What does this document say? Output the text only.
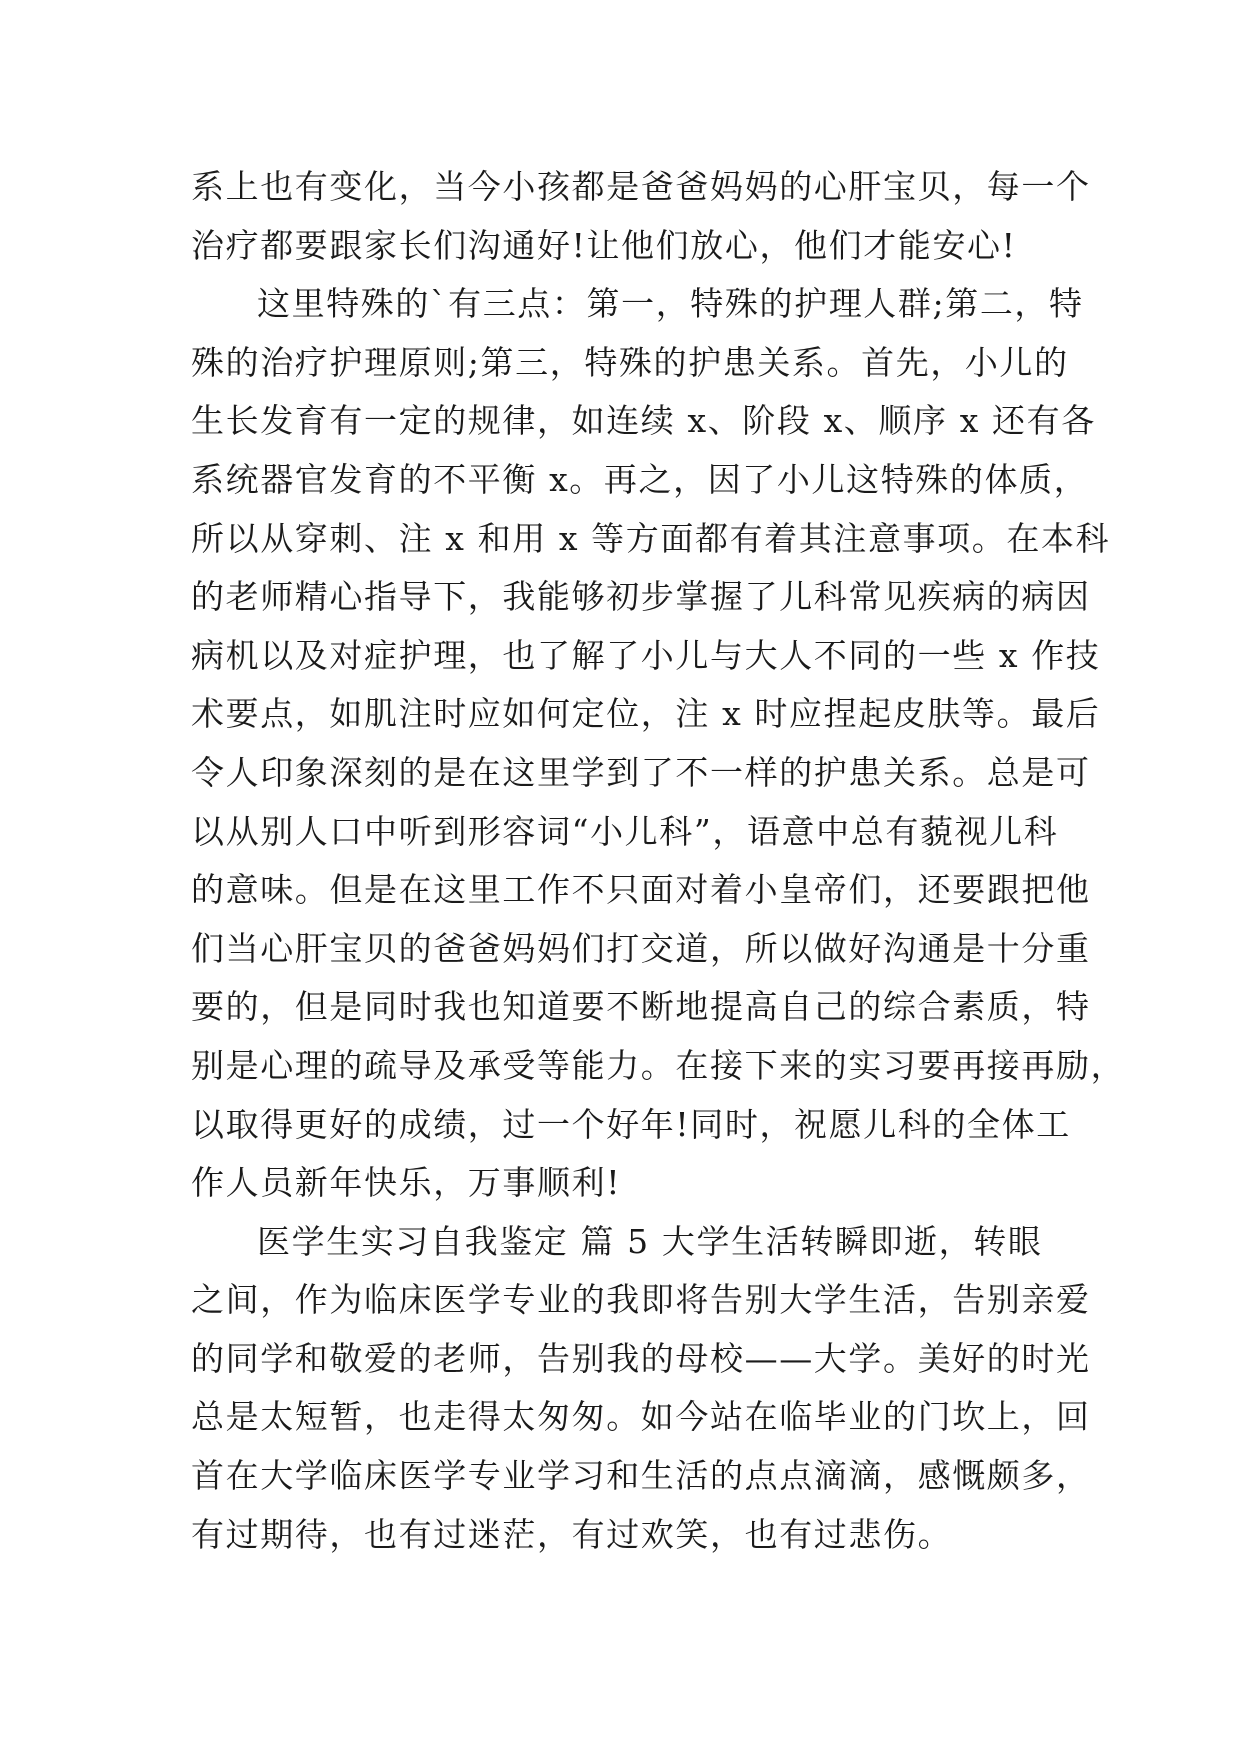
系上也有变化，当今小孩都是爸爸妈妈的心肝宝贝，每一个
治疗都要跟家长们沟通好!让他们放心，他们才能安心!
这里特殊的`有三点：第一，特殊的护理人群;第二，特
殊的治疗护理原则;第三，特殊的护患关系。首先，小儿的
生长发育有一定的规律，如连续 x、阶段 x、顺序 x 还有各
系统器官发育的不平衡 x。再之，因了小儿这特殊的体质，
所以从穿刺、注 x 和用 x 等方面都有着其注意事项。在本科
的老师精心指导下，我能够初步掌握了儿科常见疾病的病因
病机以及对症护理，也了解了小儿与大人不同的一些 x 作技
术要点，如肌注时应如何定位，注 x 时应捏起皮肤等。最后
令人印象深刻的是在这里学到了不一样的护患关系。总是可
以从别人口中听到形容词“小儿科”，语意中总有藐视儿科
的意味。但是在这里工作不只面对着小皇帝们，还要跟把他
们当心肝宝贝的爸爸妈妈们打交道，所以做好沟通是十分重
要的，但是同时我也知道要不断地提高自己的综合素质，特
别是心理的疏导及承受等能力。在接下来的实习要再接再励，
以取得更好的成绩，过一个好年!同时，祝愿儿科的全体工
作人员新年快乐，万事顺利!
医学生实习自我鉴定 篇 5 大学生活转瞬即逝，转眼
之间，作为临床医学专业的我即将告别大学生活，告别亲爱
的同学和敬爱的老师，告别我的母校——大学。美好的时光
总是太短暂，也走得太匆匆。如今站在临毕业的门坎上，回
首在大学临床医学专业学习和生活的点点滴滴，感慨颇多，
有过期待，也有过迷茫，有过欢笑，也有过悲伤。
